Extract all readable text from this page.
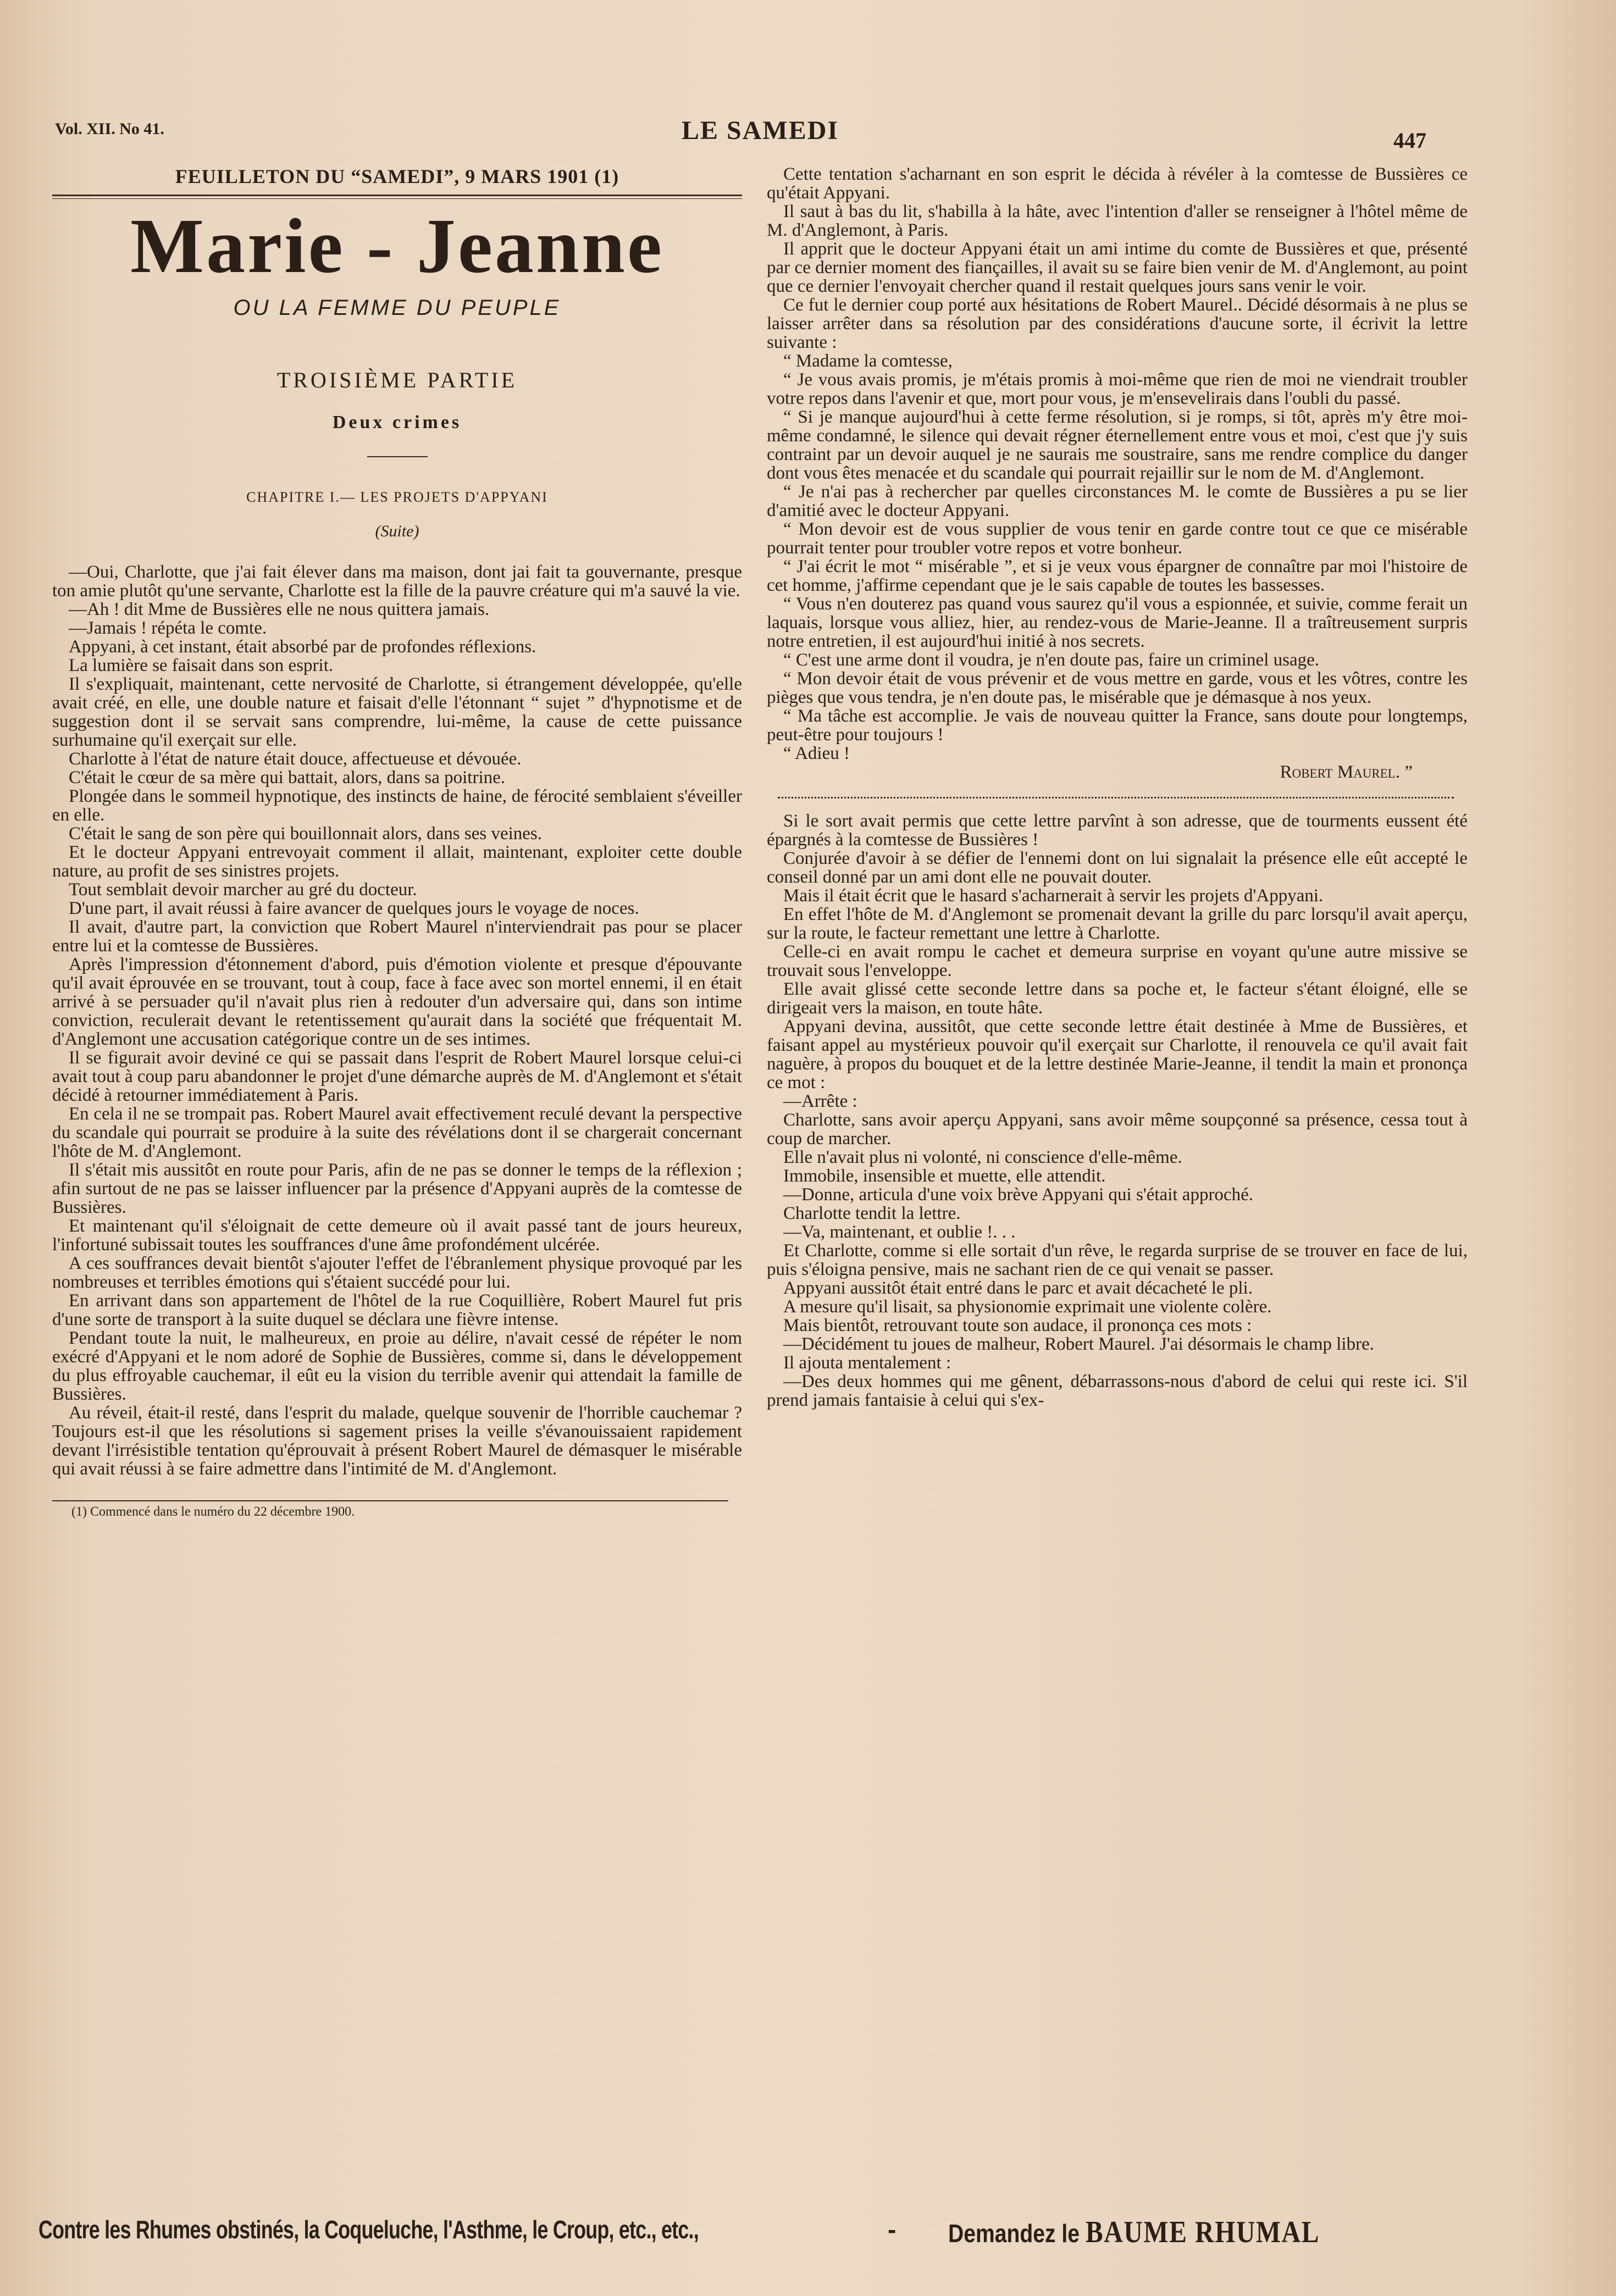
Vol. XII. No 41.	LE SAMEDI	447
FEUILLETON DU “SAMEDI”, 9 MARS 1901 (1)
Marie - Jeanne
OU LA FEMME DU PEUPLE
TROISIÈME PARTIE
Deux crimes
CHAPITRE I.— LES PROJETS D'APPYANI
(Suite)

—Oui, Charlotte, que j'ai fait élever dans ma maison, dont jai fait ta gouvernante, presque ton amie plutôt qu'une servante, Charlotte est la fille de la pauvre créature qui m'a sauvé la vie.

—Ah ! dit Mme de Bussières elle ne nous quittera jamais.

—Jamais ! répéta le comte.

Appyani, à cet instant, était absorbé par de profondes réflexions.

La lumière se faisait dans son esprit.

Il s'expliquait, maintenant, cette nervosité de Charlotte, si étrangement développée, qu'elle avait créé, en elle, une double nature et faisait d'elle l'étonnant “ sujet ” d'hypnotisme et de suggestion dont il se servait sans comprendre, lui-même, la cause de cette puissance surhumaine qu'il exerçait sur elle.

Charlotte à l'état de nature était douce, affectueuse et dévouée.

C'était le cœur de sa mère qui battait, alors, dans sa poitrine.

Plongée dans le sommeil hypnotique, des instincts de haine, de férocité semblaient s'éveiller en elle.

C'était le sang de son père qui bouillonnait alors, dans ses veines.

Et le docteur Appyani entrevoyait comment il allait, maintenant, exploiter cette double nature, au profit de ses sinistres projets.

Tout semblait devoir marcher au gré du docteur.

D'une part, il avait réussi à faire avancer de quelques jours le voyage de noces.

Il avait, d'autre part, la conviction que Robert Maurel n'interviendrait pas pour se placer entre lui et la comtesse de Bussières.

Après l'impression d'étonnement d'abord, puis d'émotion violente et presque d'épouvante qu'il avait éprouvée en se trouvant, tout à coup, face à face avec son mortel ennemi, il en était arrivé à se persuader qu'il n'avait plus rien à redouter d'un adversaire qui, dans son intime conviction, reculerait devant le retentissement qu'aurait dans la société que fréquentait M. d'Anglemont une accusation catégorique contre un de ses intimes.

Il se figurait avoir deviné ce qui se passait dans l'esprit de Robert Maurel lorsque celui-ci avait tout à coup paru abandonner le projet d'une démarche auprès de M. d'Anglemont et s'était décidé à retourner immédiatement à Paris.

En cela il ne se trompait pas. Robert Maurel avait effectivement reculé devant la perspective du scandale qui pourrait se produire à la suite des révélations dont il se chargerait concernant l'hôte de M. d'Anglemont.

Il s'était mis aussitôt en route pour Paris, afin de ne pas se donner le temps de la réflexion ; afin surtout de ne pas se laisser influencer par la présence d'Appyani auprès de la comtesse de Bussières.

Et maintenant qu'il s'éloignait de cette demeure où il avait passé tant de jours heureux, l'infortuné subissait toutes les souffrances d'une âme profondément ulcérée.

A ces souffrances devait bientôt s'ajouter l'effet de l'ébranlement physique provoqué par les nombreuses et terribles émotions qui s'étaient succédé pour lui.

En arrivant dans son appartement de l'hôtel de la rue Coquillière, Robert Maurel fut pris d'une sorte de transport à la suite duquel se déclara une fièvre intense.

Pendant toute la nuit, le malheureux, en proie au délire, n'avait cessé de répéter le nom exécré d'Appyani et le nom adoré de Sophie de Bussières, comme si, dans le développement du plus effroyable cauchemar, il eût eu la vision du terrible avenir qui attendait la famille de Bussières.

Au réveil, était-il resté, dans l'esprit du malade, quelque souvenir de l'horrible cauchemar ? Toujours est-il que les résolutions si sagement prises la veille s'évanouissaient rapidement devant l'irrésistible tentation qu'éprouvait à présent Robert Maurel de démasquer le misérable qui avait réussi à se faire admettre dans l'intimité de M. d'Anglemont.

(1) Commencé dans le numéro du 22 décembre 1900.

Cette tentation s'acharnant en son esprit le décida à révéler à la comtesse de Bussières ce qu'était Appyani.

Il saut à bas du lit, s'habilla à la hâte, avec l'intention d'aller se renseigner à l'hôtel même de M. d'Anglemont, à Paris.

Il apprit que le docteur Appyani était un ami intime du comte de Bussières et que, présenté par ce dernier moment des fiançailles, il avait su se faire bien venir de M. d'Anglemont, au point que ce dernier l'envoyait chercher quand il restait quelques jours sans venir le voir.

Ce fut le dernier coup porté aux hésitations de Robert Maurel.. Décidé désormais à ne plus se laisser arrêter dans sa résolution par des considérations d'aucune sorte, il écrivit la lettre suivante :

“ Madame la comtesse,

“ Je vous avais promis, je m'étais promis à moi-même que rien de moi ne viendrait troubler votre repos dans l'avenir et que, mort pour vous, je m'ensevelirais dans l'oubli du passé.

“ Si je manque aujourd'hui à cette ferme résolution, si je romps, si tôt, après m'y être moi-même condamné, le silence qui devait régner éternellement entre vous et moi, c'est que j'y suis contraint par un devoir auquel je ne saurais me soustraire, sans me rendre complice du danger dont vous êtes menacée et du scandale qui pourrait rejaillir sur le nom de M. d'Anglemont.

“ Je n'ai pas à rechercher par quelles circonstances M. le comte de Bussières a pu se lier d'amitié avec le docteur Appyani.

“ Mon devoir est de vous supplier de vous tenir en garde contre tout ce que ce misérable pourrait tenter pour troubler votre repos et votre bonheur.

“ J'ai écrit le mot “ misérable ”, et si je veux vous épargner de connaître par moi l'histoire de cet homme, j'affirme cependant que je le sais capable de toutes les bassesses.

“ Vous n'en douterez pas quand vous saurez qu'il vous a espionnée, et suivie, comme ferait un laquais, lorsque vous alliez, hier, au rendez-vous de Marie-Jeanne. Il a traîtreusement surpris notre entretien, il est aujourd'hui initié à nos secrets.

“ C'est une arme dont il voudra, je n'en doute pas, faire un criminel usage.

“ Mon devoir était de vous prévenir et de vous mettre en garde, vous et les vôtres, contre les pièges que vous tendra, je n'en doute pas, le misérable que je démasque à nos yeux.

“ Ma tâche est accomplie. Je vais de nouveau quitter la France, sans doute pour longtemps, peut-être pour toujours !

“ Adieu !

Robert Maurel. ”

Si le sort avait permis que cette lettre parvînt à son adresse, que de tourments eussent été épargnés à la comtesse de Bussières !

Conjurée d'avoir à se défier de l'ennemi dont on lui signalait la présence elle eût accepté le conseil donné par un ami dont elle ne pouvait douter.

Mais il était écrit que le hasard s'acharnerait à servir les projets d'Appyani.

En effet l'hôte de M. d'Anglemont se promenait devant la grille du parc lorsqu'il avait aperçu, sur la route, le facteur remettant une lettre à Charlotte.

Celle-ci en avait rompu le cachet et demeura surprise en voyant qu'une autre missive se trouvait sous l'enveloppe.

Elle avait glissé cette seconde lettre dans sa poche et, le facteur s'étant éloigné, elle se dirigeait vers la maison, en toute hâte.

Appyani devina, aussitôt, que cette seconde lettre était destinée à Mme de Bussières, et faisant appel au mystérieux pouvoir qu'il exerçait sur Charlotte, il renouvela ce qu'il avait fait naguère, à propos du bouquet et de la lettre destinée Marie-Jeanne, il tendit la main et prononça ce mot :

—Arrête :

Charlotte, sans avoir aperçu Appyani, sans avoir même soupçonné sa présence, cessa tout à coup de marcher.

Elle n'avait plus ni volonté, ni conscience d'elle-même.

Immobile, insensible et muette, elle attendit.

—Donne, articula d'une voix brève Appyani qui s'était approché.

Charlotte tendit la lettre.

—Va, maintenant, et oublie !. . .

Et Charlotte, comme si elle sortait d'un rêve, le regarda surprise de se trouver en face de lui, puis s'éloigna pensive, mais ne sachant rien de ce qui venait se passer.

Appyani aussitôt était entré dans le parc et avait décacheté le pli.

A mesure qu'il lisait, sa physionomie exprimait une violente colère.

Mais bientôt, retrouvant toute son audace, il prononça ces mots :

—Décidément tu joues de malheur, Robert Maurel. J'ai désormais le champ libre.

Il ajouta mentalement :

—Des deux hommes qui me gênent, débarrassons-nous d'abord de celui qui reste ici. S'il prend jamais fantaisie à celui qui s'ex-

Contre les Rhumes obstinés, la Coqueluche, l'Asthme, le Croup, etc., etc.,	- Demandez le BAUME RHUMAL
